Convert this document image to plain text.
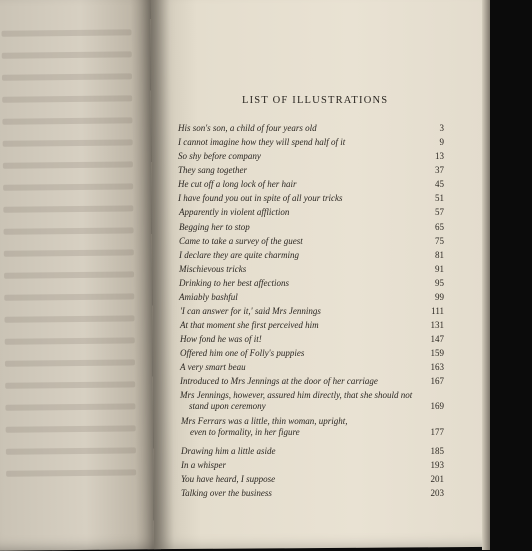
LIST OF ILLUSTRATIONS
His son's son, a child of four years old	3
I cannot imagine how they will spend half of it	9
So shy before company	13
They sang together	37
He cut off a long lock of her hair	45
I have found you out in spite of all your tricks	51
Apparently in violent affliction	57
Begging her to stop	65
Came to take a survey of the guest	75
I declare they are quite charming	81
Mischievous tricks	91
Drinking to her best affections	95
Amiably bashful	99
'I can answer for it,' said Mrs Jennings	111
At that moment she first perceived him	131
How fond he was of it!	147
Offered him one of Folly's puppies	159
A very smart beau	163
Introduced to Mrs Jennings at the door of her carriage	167
Mrs Jennings, however, assured him directly, that she should not
stand upon ceremony	169
Mrs Ferrars was a little, thin woman, upright,
even to formality, in her figure	177
Drawing him a little aside	185
In a whisper	193
You have heard, I suppose	201
Talking over the business	203
